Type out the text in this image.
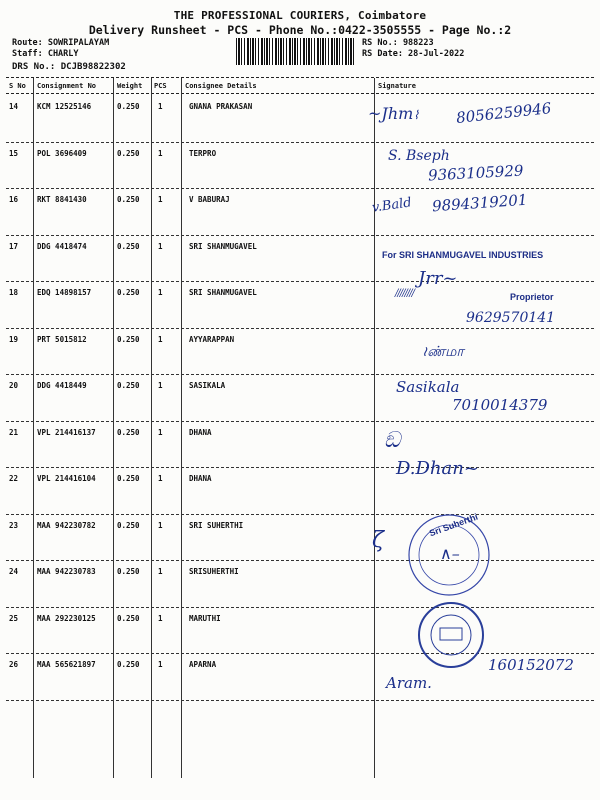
THE PROFESSIONAL COURIERS, Coimbatore
Delivery Runsheet - PCS - Phone No.:0422-3505555 - Page No.:2
Route: SOWRIPALAYAM
Staff: CHARLY
DRS No.: DCJB98822302
RS No.: 988223
RS Date: 28-Jul-2022
S No Consignment No	Weight PCS	Consignee Details	Signature
14	KCM 12525146	0.250 1	GNANA PRAKASAN
15	POL 3696409	0.250 1	TERPRO
16	RKT 8841430	0.250 1	V BABURAJ
17	DDG 4418474	0.250 1	SRI SHANMUGAVEL
18	EDQ 14898157	0.250 1	SRI SHANMUGAVEL
19	PRT 5015812	0.250 1	AYYARAPPAN
20	DDG 4418449	0.250 1	SASIKALA
21	VPL 214416137	0.250 1	DHANA
22	VPL 214416104	0.250 1	DHANA
23	MAA 942230782	0.250 1	SRI SUHERTHI
24	MAA 942230783	0.250 1	SRISUHERTHI
25	MAA 292230125	0.250 1	MARUTHI
26	MAA 565621897	0.250 1	APARNA
~Jhm⌇ 8056259946
S. Bseph
9363105929
v.Bald 9894319201
For SRI SHANMUGAVEL INDUSTRIES
Jrr~
Proprietor
////////
9629570141
≀ண்மா
Sasikala
7010014379
ඞ
D.Dhan~
Sri Suherthi
ζ
∧–
Aram.
160152072
